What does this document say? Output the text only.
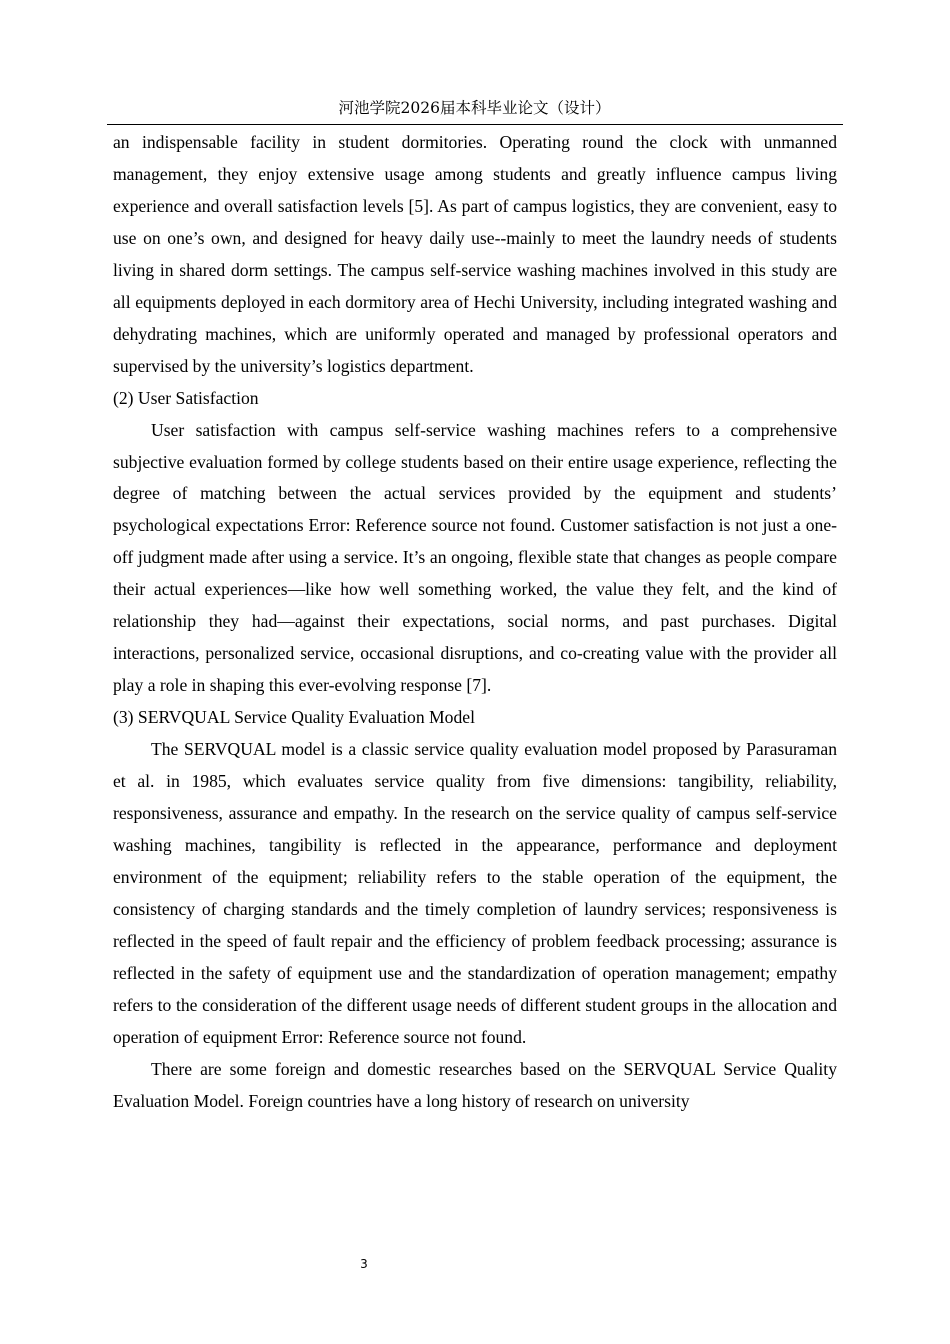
河池学院2026届本科毕业论文（设计）

an indispensable facility in student dormitories. Operating round the clock with unmanned management, they enjoy extensive usage among students and greatly influence campus living experience and overall satisfaction levels [5]. As part of campus logistics, they are convenient, easy to use on one’s own, and designed for heavy daily use--mainly to meet the laundry needs of students living in shared dorm settings. The campus self-service washing machines involved in this study are all equipments deployed in each dormitory area of Hechi University, including integrated washing and dehydrating machines, which are uniformly operated and managed by professional operators and supervised by the university’s logistics department.

(2) User Satisfaction

User satisfaction with campus self-service washing machines refers to a comprehensive subjective evaluation formed by college students based on their entire usage experience, reflecting the degree of matching between the actual services provided by the equipment and students’ psychological expectations Error: Reference source not found. Customer satisfaction is not just a one-off judgment made after using a service. It’s an ongoing, flexible state that changes as people compare their actual experiences—like how well something worked, the value they felt, and the kind of relationship they had—against their expectations, social norms, and past purchases. Digital interactions, personalized service, occasional disruptions, and co-creating value with the provider all play a role in shaping this ever-evolving response [7].

(3) SERVQUAL Service Quality Evaluation Model

The SERVQUAL model is a classic service quality evaluation model proposed by Parasuraman et al. in 1985, which evaluates service quality from five dimensions: tangibility, reliability, responsiveness, assurance and empathy. In the research on the service quality of campus self-service washing machines, tangibility is reflected in the appearance, performance and deployment environment of the equipment; reliability refers to the stable operation of the equipment, the consistency of charging standards and the timely completion of laundry services; responsiveness is reflected in the speed of fault repair and the efficiency of problem feedback processing; assurance is reflected in the safety of equipment use and the standardization of operation management; empathy refers to the consideration of the different usage needs of different student groups in the allocation and operation of equipment Error: Reference source not found.

There are some foreign and domestic researches based on the SERVQUAL Service Quality Evaluation Model. Foreign countries have a long history of research on university

3
